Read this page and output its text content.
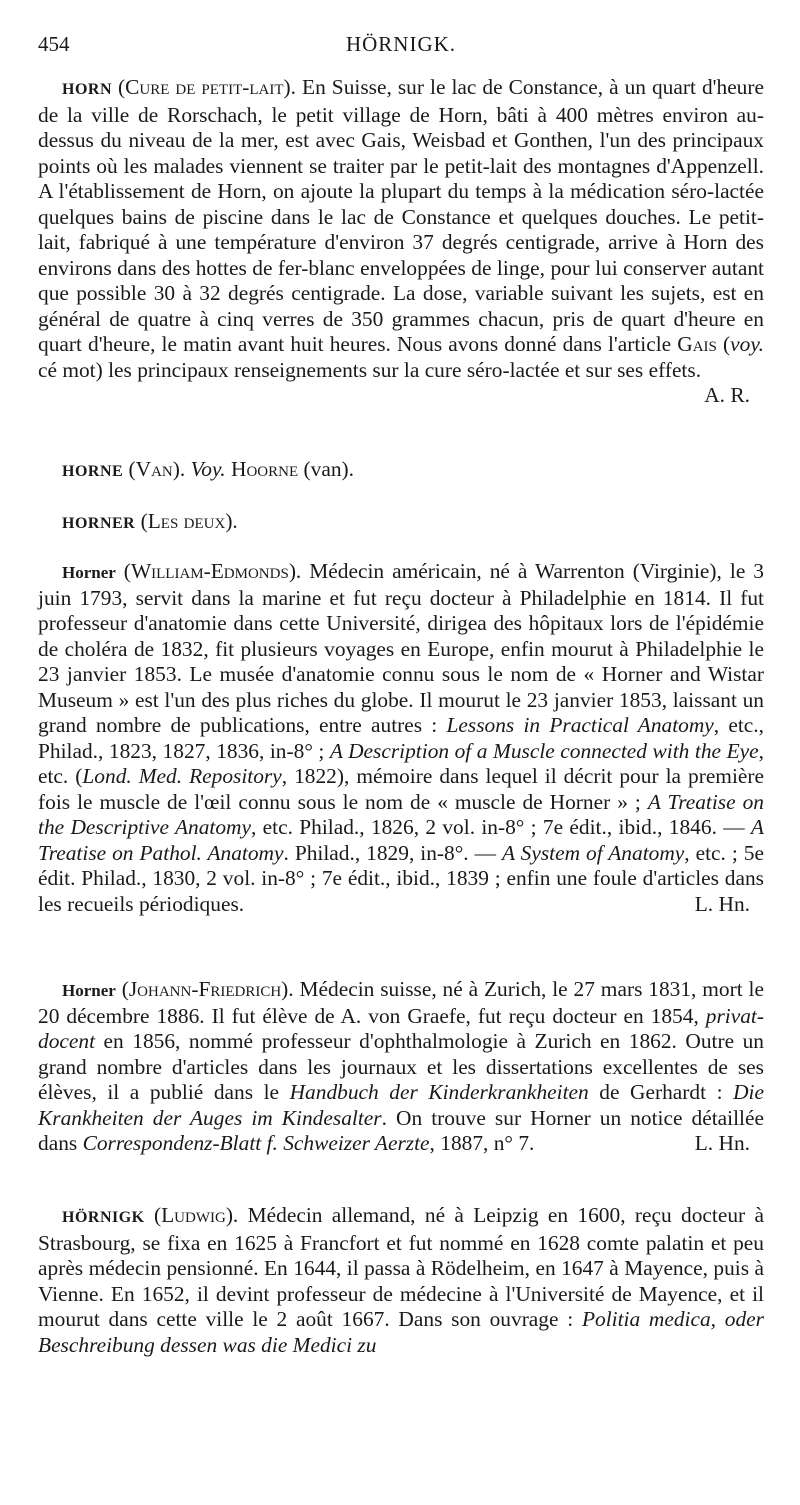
454	HÖRNIGK.

HORN (Cure de petit-lait). En Suisse, sur le lac de Constance, à un quart d'heure de la ville de Rorschach, le petit village de Horn, bâti à 400 mètres environ au-dessus du niveau de la mer, est avec Gais, Weisbad et Gonthen, l'un des principaux points où les malades viennent se traiter par le petit-lait des montagnes d'Appenzell. A l'établissement de Horn, on ajoute la plupart du temps à la médication séro-lactée quelques bains de piscine dans le lac de Constance et quelques douches. Le petit-lait, fabriqué à une température d'environ 37 degrés centigrade, arrive à Horn des environs dans des hottes de fer-blanc enveloppées de linge, pour lui conserver autant que possible 30 à 32 degrés centigrade. La dose, variable suivant les sujets, est en général de quatre à cinq verres de 350 grammes chacun, pris de quart d'heure en quart d'heure, le matin avant huit heures. Nous avons donné dans l'article Gais (voy. cé mot) les principaux renseignements sur la cure séro-lactée et sur ses effets.
A. R.

HORNE (Van). Voy. Hoorne (van).

HORNER (Les deux).

Horner (William-Edmonds). Médecin américain, né à Warrenton (Virginie), le 3 juin 1793, servit dans la marine et fut reçu docteur à Philadelphie en 1814. Il fut professeur d'anatomie dans cette Université, dirigea des hôpitaux lors de l'épidémie de choléra de 1832, fit plusieurs voyages en Europe, enfin mourut à Philadelphie le 23 janvier 1853. Le musée d'anatomie connu sous le nom de « Horner and Wistar Museum » est l'un des plus riches du globe. Il mourut le 23 janvier 1853, laissant un grand nombre de publications, entre autres : Lessons in Practical Anatomy, etc., Philad., 1823, 1827, 1836, in-8° ; A Description of a Muscle connected with the Eye, etc. (Lond. Med. Repository, 1822), mémoire dans lequel il décrit pour la première fois le muscle de l'œil connu sous le nom de « muscle de Horner » ; A Treatise on the Descriptive Anatomy, etc. Philad., 1826, 2 vol. in-8° ; 7e édit., ibid., 1846. — A Treatise on Pathol. Anatomy. Philad., 1829, in-8°. — A System of Anatomy, etc. ; 5e édit. Philad., 1830, 2 vol. in-8° ; 7e édit., ibid., 1839 ; enfin une foule d'articles dans les recueils périodiques.	L. Hn.

Horner (Johann-Friedrich). Médecin suisse, né à Zurich, le 27 mars 1831, mort le 20 décembre 1886. Il fut élève de A. von Graefe, fut reçu docteur en 1854, privat-docent en 1856, nommé professeur d'ophthalmologie à Zurich en 1862. Outre un grand nombre d'articles dans les journaux et les dissertations excellentes de ses élèves, il a publié dans le Handbuch der Kinderkrankheiten de Gerhardt : Die Krankheiten der Auges im Kindesalter. On trouve sur Horner un notice détaillée dans Correspondenz-Blatt f. Schweizer Aerzte, 1887, n° 7.	L. Hn.

HÖRNIGK (Ludwig). Médecin allemand, né à Leipzig en 1600, reçu docteur à Strasbourg, se fixa en 1625 à Francfort et fut nommé en 1628 comte palatin et peu après médecin pensionné. En 1644, il passa à Rödelheim, en 1647 à Mayence, puis à Vienne. En 1652, il devint professeur de médecine à l'Université de Mayence, et il mourut dans cette ville le 2 août 1667. Dans son ouvrage : Politia medica, oder Beschreibung dessen was die Medici zu
